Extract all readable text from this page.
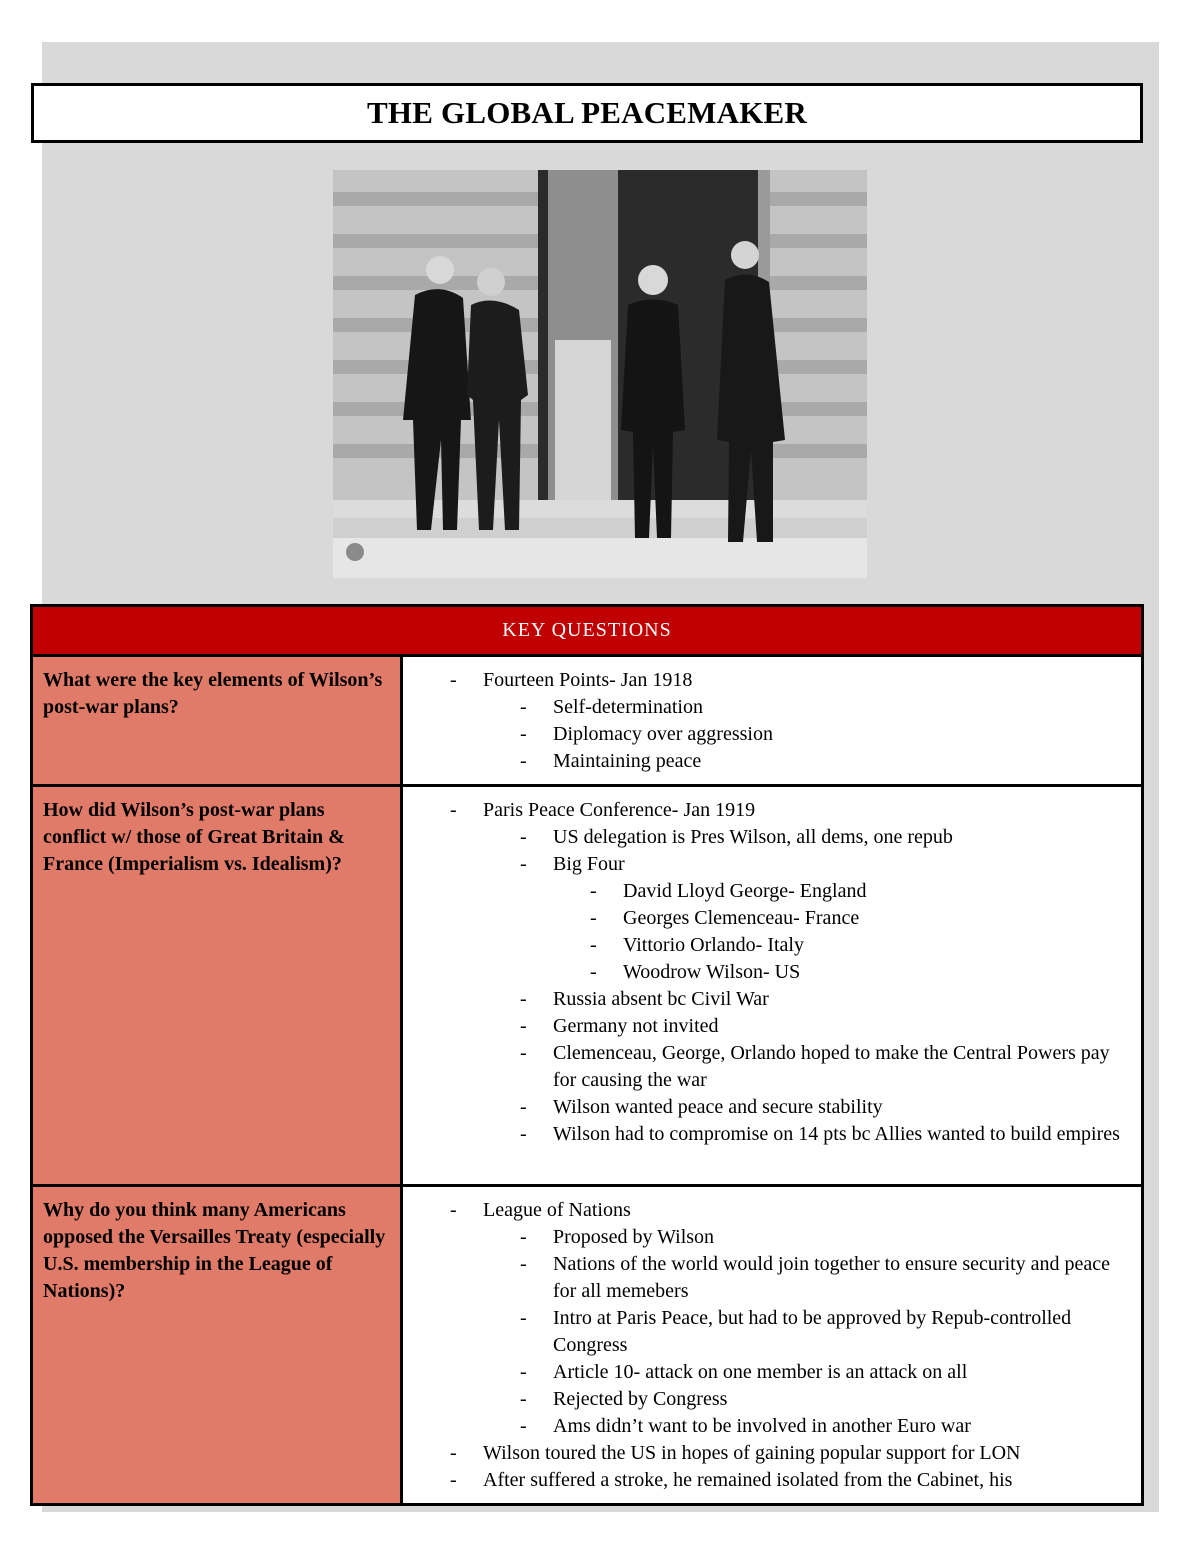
THE GLOBAL PEACEMAKER
KEY QUESTIONS
What were the key elements of Wilson’s post-war plans?
- Fourteen Points- Jan 1918
- Self-determination
- Diplomacy over aggression
- Maintaining peace
How did Wilson’s post-war plans conflict w/ those of Great Britain & France (Imperialism vs. Idealism)?
- Paris Peace Conference- Jan 1919
- US delegation is Pres Wilson, all dems, one repub
- Big Four
- David Lloyd George- England
- Georges Clemenceau- France
- Vittorio Orlando- Italy
- Woodrow Wilson- US
- Russia absent bc Civil War
- Germany not invited
- Clemenceau, George, Orlando hoped to make the Central Powers pay for causing the war
- Wilson wanted peace and secure stability
- Wilson had to compromise on 14 pts bc Allies wanted to build empires
Why do you think many Americans opposed the Versailles Treaty (especially U.S. membership in the League of Nations)?
- League of Nations
- Proposed by Wilson
- Nations of the world would join together to ensure security and peace for all memebers
- Intro at Paris Peace, but had to be approved by Repub-controlled Congress
- Article 10- attack on one member is an attack on all
- Rejected by Congress
- Ams didn’t want to be involved in another Euro war
- Wilson toured the US in hopes of gaining popular support for LON
- After suffered a stroke, he remained isolated from the Cabinet, his
